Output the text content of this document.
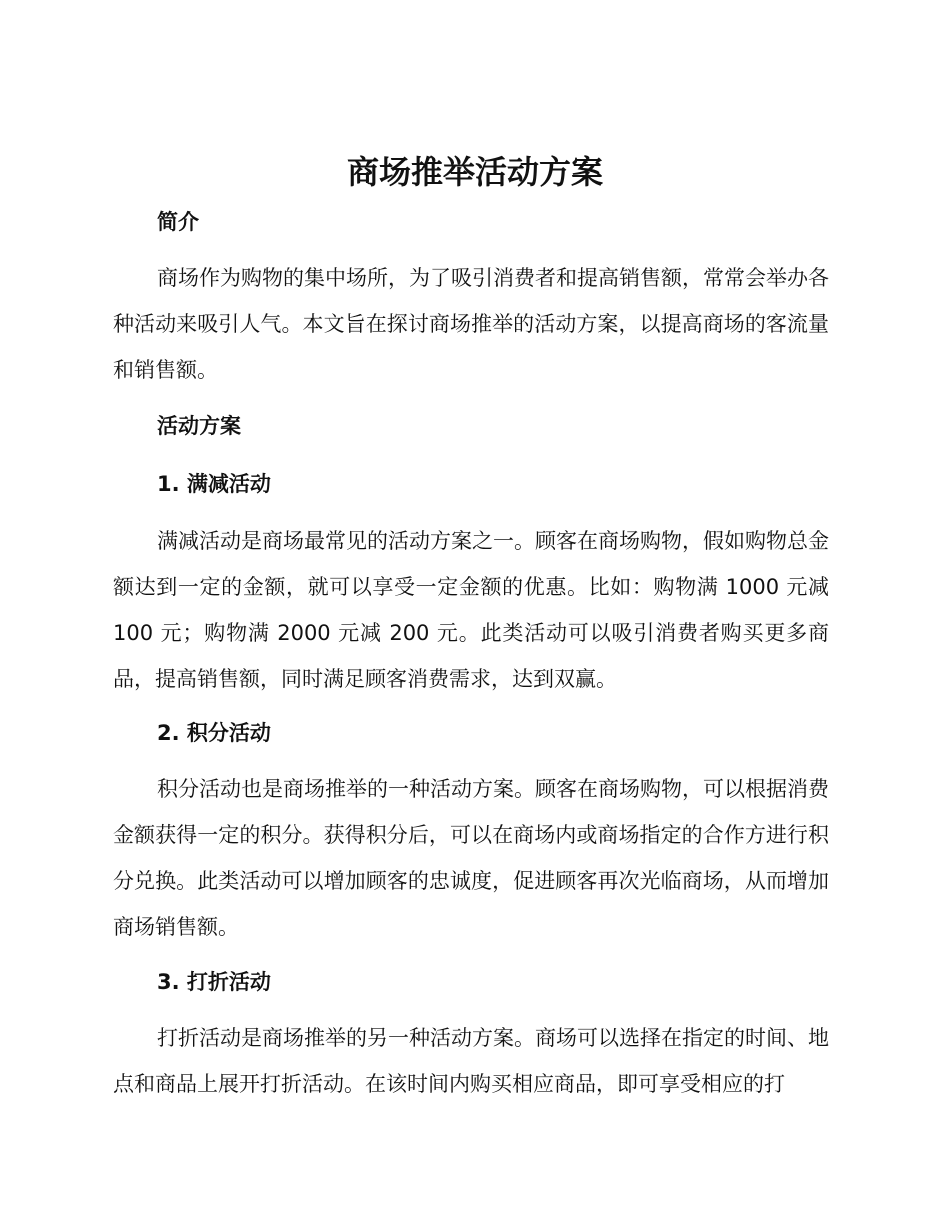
商场推举活动方案
简介

商场作为购物的集中场所，为了吸引消费者和提高销售额，常常会举办各种活动来吸引人气。本文旨在探讨商场推举的活动方案，以提高商场的客流量和销售额。

活动方案
1. 满减活动

满减活动是商场最常见的活动方案之一。顾客在商场购物，假如购物总金额达到一定的金额，就可以享受一定金额的优惠。比如：购物满 1000 元减 100 元；购物满 2000 元减 200 元。此类活动可以吸引消费者购买更多商品，提高销售额，同时满足顾客消费需求，达到双赢。

2. 积分活动

积分活动也是商场推举的一种活动方案。顾客在商场购物，可以根据消费金额获得一定的积分。获得积分后，可以在商场内或商场指定的合作方进行积分兑换。此类活动可以增加顾客的忠诚度，促进顾客再次光临商场，从而增加商场销售额。

3. 打折活动

打折活动是商场推举的另一种活动方案。商场可以选择在指定的时间、地点和商品上展开打折活动。在该时间内购买相应商品，即可享受相应的打
